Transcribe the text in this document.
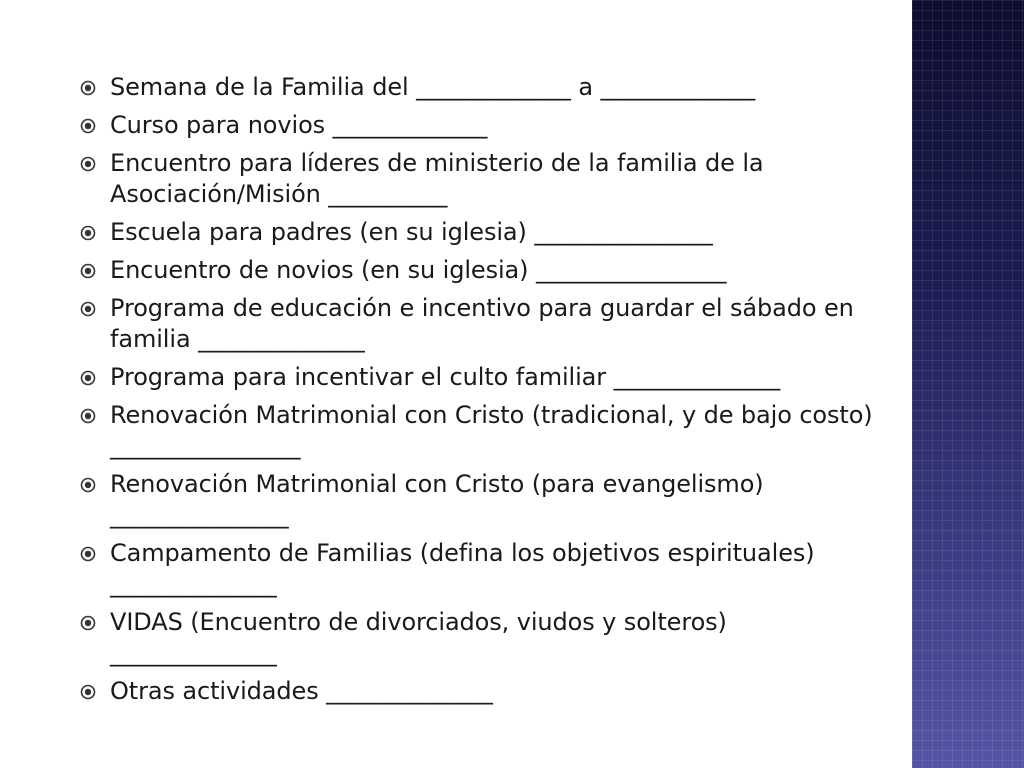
Semana de la Familia del _____________ a _____________
Curso para novios _____________
Encuentro para líderes de ministerio de la familia de la Asociación/Misión __________
Escuela para padres (en su iglesia) _______________
Encuentro de novios (en su iglesia) ________________
Programa de educación e incentivo para guardar el sábado en familia ______________
Programa para incentivar el culto familiar ______________
Renovación Matrimonial con Cristo (tradicional, y de bajo costo) ________________
Renovación Matrimonial con Cristo (para evangelismo) _______________
Campamento de Familias (defina los objetivos espirituales) ______________
VIDAS (Encuentro de divorciados, viudos y solteros) ______________
Otras actividades ______________
